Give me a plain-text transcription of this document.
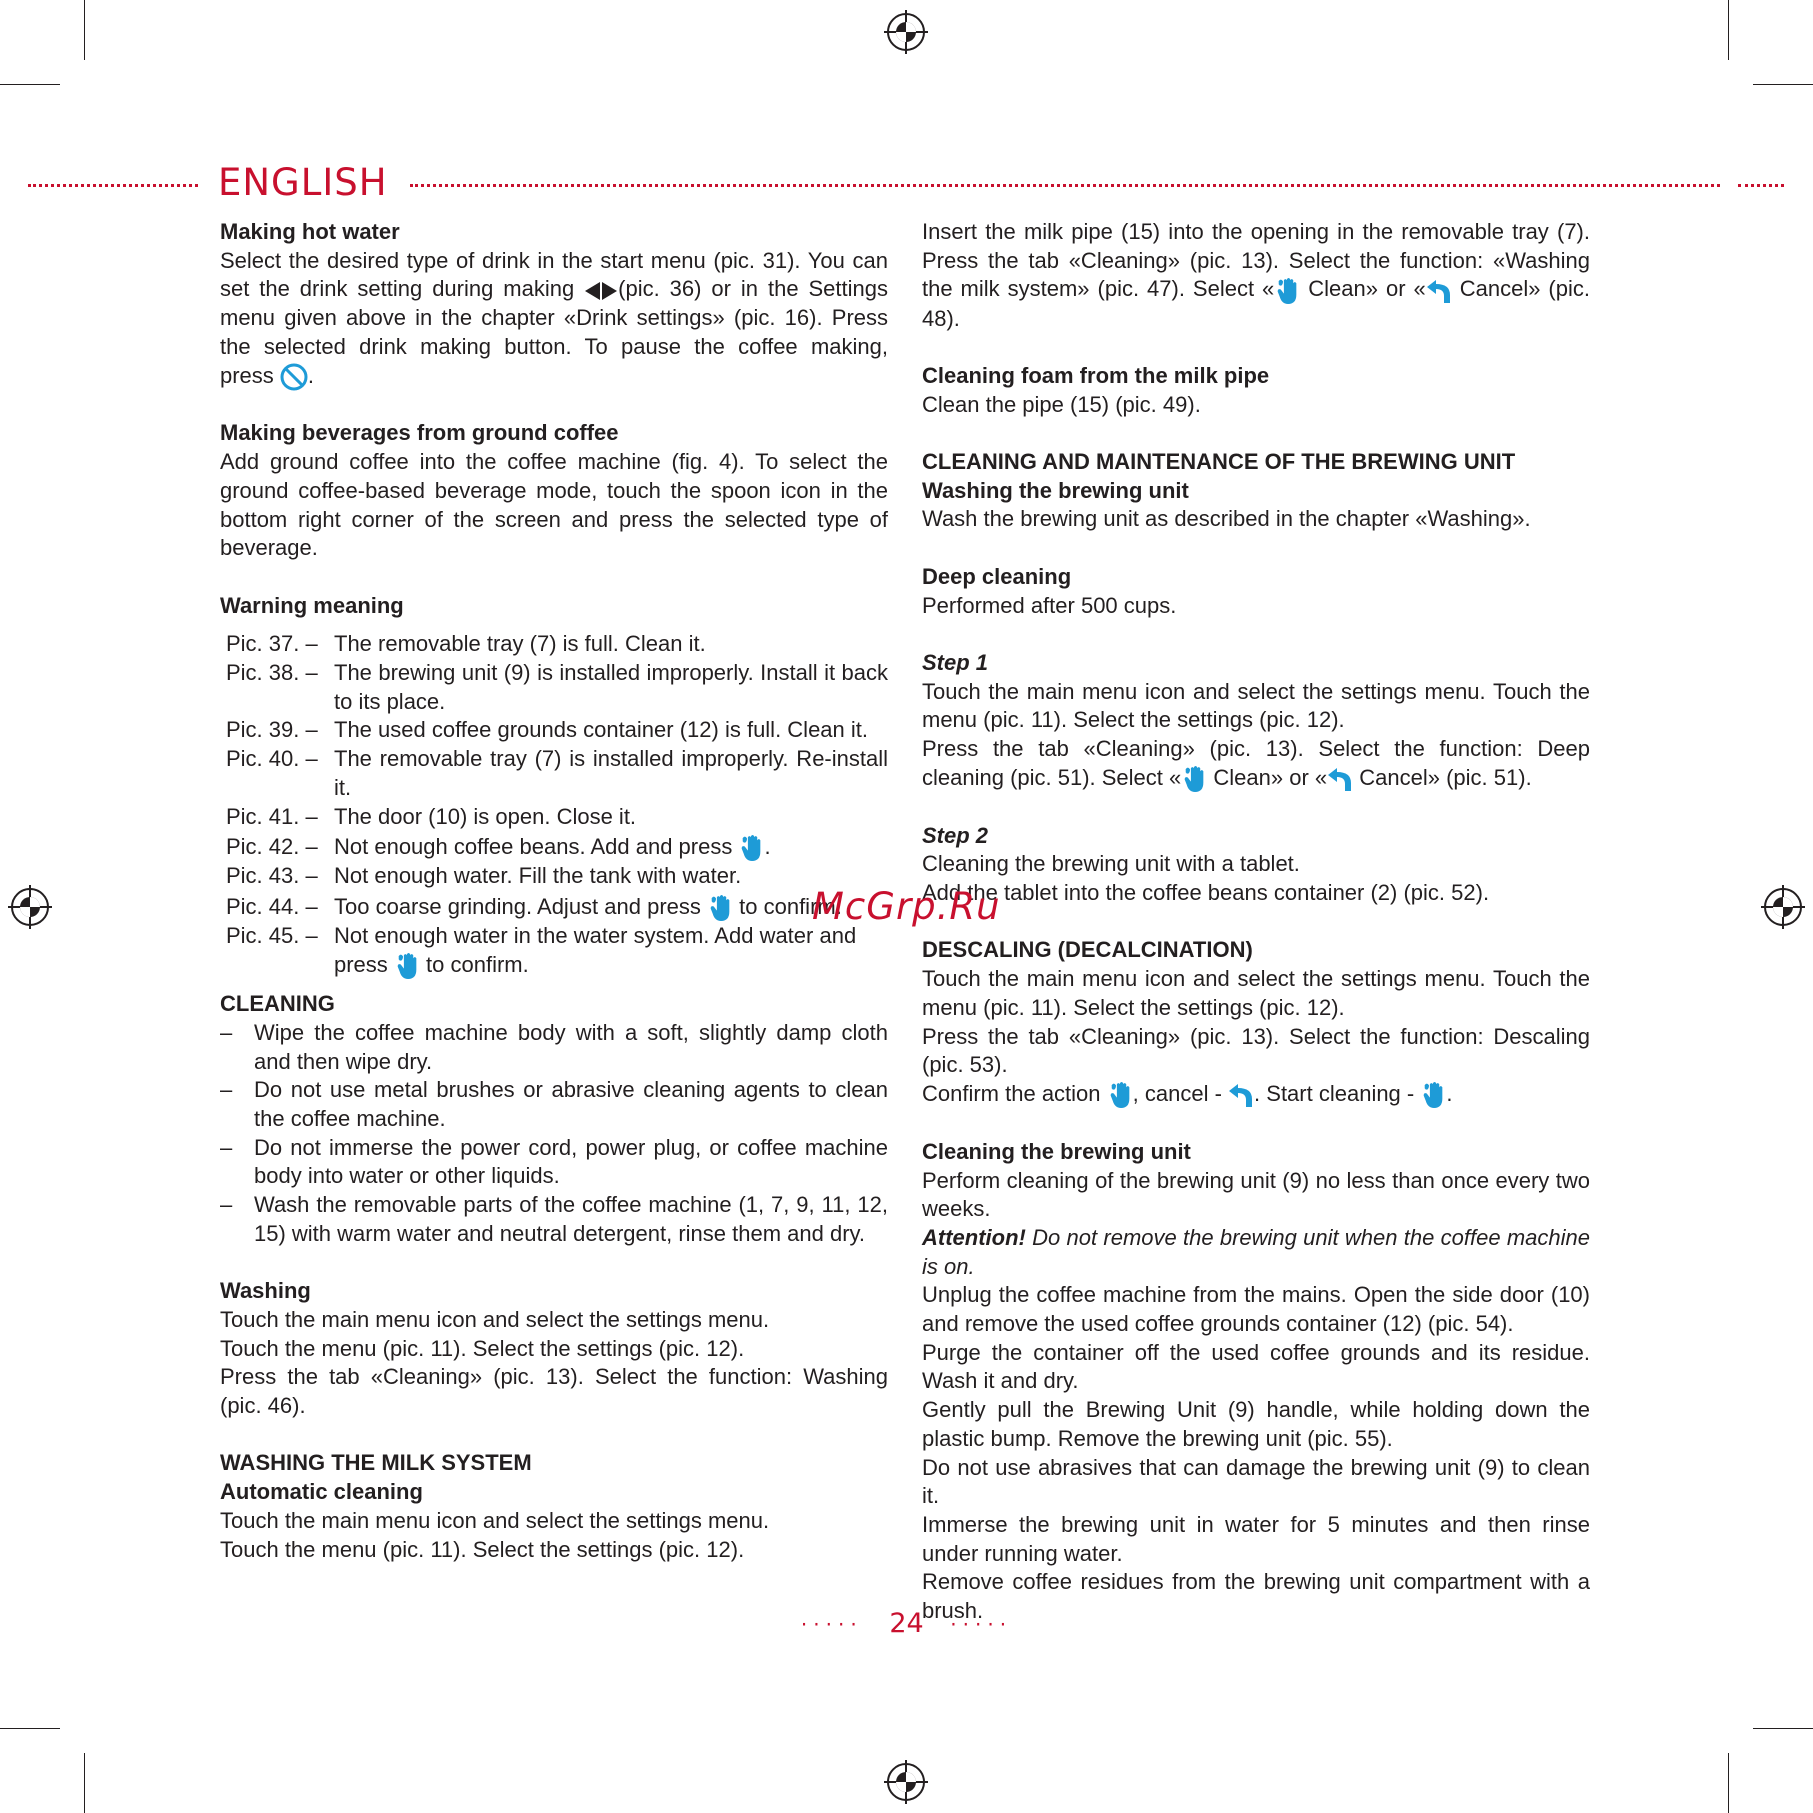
ENGLISH

Making hot water

Select the desired type of drink in the start menu (pic. 31). You can set the drink setting during making (pic. 36) or in the Settings menu given above in the chapter «Drink settings» (pic. 16). Press the selected drink making button. To pause the coffee making, press .

Making beverages from ground coffee

Add ground coffee into the coffee machine (fig. 4). To select the ground coffee-based beverage mode, touch the spoon icon in the bottom right corner of the screen and press the selected type of beverage.

Warning meaning

Pic. 37. – The removable tray (7) is full. Clean it.
Pic. 38. – The brewing unit (9) is installed improperly. Install it back to its place.
Pic. 39. – The used coffee grounds container (12) is full. Clean it.
Pic. 40. – The removable tray (7) is installed improperly. Re-install it.
Pic. 41. – The door (10) is open. Close it.
Pic. 42. – Not enough coffee beans. Add and press .
Pic. 43. – Not enough water. Fill the tank with water.
Pic. 44. – Too coarse grinding. Adjust and press to confirm.
Pic. 45. – Not enough water in the water system. Add water and press to confirm.

CLEANING

– Wipe the coffee machine body with a soft, slightly damp cloth and then wipe dry.
– Do not use metal brushes or abrasive cleaning agents to clean the coffee machine.
– Do not immerse the power cord, power plug, or coffee machine body into water or other liquids.
– Wash the removable parts of the coffee machine (1, 7, 9, 11, 12, 15) with warm water and neutral detergent, rinse them and dry.

Washing

Touch the main menu icon and select the settings menu.

Touch the menu (pic. 11). Select the settings (pic. 12).

Press the tab «Cleaning» (pic. 13). Select the function: Washing (pic. 46).

WASHING THE MILK SYSTEM

Automatic cleaning

Touch the main menu icon and select the settings menu.

Touch the menu (pic. 11). Select the settings (pic. 12).

Insert the milk pipe (15) into the opening in the removable tray (7). Press the tab «Cleaning» (pic. 13). Select the function: «Washing the milk system» (pic. 47). Select « Clean» or « Cancel» (pic. 48).

Cleaning foam from the milk pipe

Clean the pipe (15) (pic. 49).

CLEANING AND MAINTENANCE OF THE BREWING UNIT

Washing the brewing unit

Wash the brewing unit as described in the chapter «Washing».

Deep cleaning

Performed after 500 cups.

Step 1

Touch the main menu icon and select the settings menu. Touch the menu (pic. 11). Select the settings (pic. 12).

Press the tab «Cleaning» (pic. 13). Select the function: Deep cleaning (pic. 51). Select « Clean» or « Cancel» (pic. 51).

Step 2

Cleaning the brewing unit with a tablet.

Add the tablet into the coffee beans container (2) (pic. 52).

DESCALING (DECALCINATION)

Touch the main menu icon and select the settings menu. Touch the menu (pic. 11). Select the settings (pic. 12).

Press the tab «Cleaning» (pic. 13). Select the function: Descaling (pic. 53).

Confirm the action , cancel - . Start cleaning - .

Cleaning the brewing unit

Perform cleaning of the brewing unit (9) no less than once every two weeks.

Attention! Do not remove the brewing unit when the coffee machine is on.

Unplug the coffee machine from the mains. Open the side door (10) and remove the used coffee grounds container (12) (pic. 54).

Purge the container off the used coffee grounds and its residue. Wash it and dry.

Gently pull the Brewing Unit (9) handle, while holding down the plastic bump. Remove the brewing unit (pic. 55).

Do not use abrasives that can damage the brewing unit (9) to clean it.

Immerse the brewing unit in water for 5 minutes and then rinse under running water.

Remove coffee residues from the brewing unit compartment with a brush.

McGrp.Ru
····· 24 ·····
